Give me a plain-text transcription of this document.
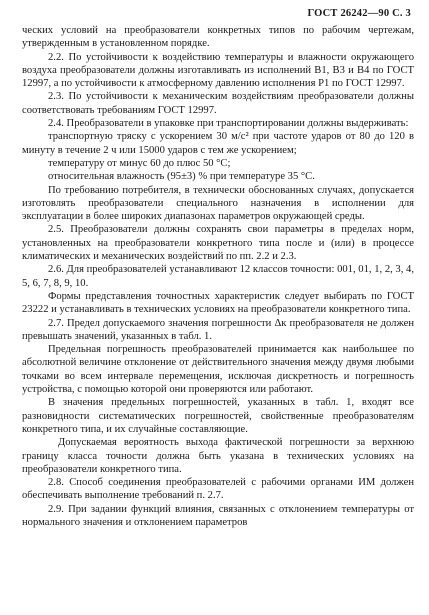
ГОСТ 26242—90 С. 3

ческих условий на преобразователи конкретных типов по рабочим чертежам, утвержденным в установленном порядке.

2.2. По устойчивости к воздействию температуры и влажности окружающего воздуха преобразователи должны изготавливать из исполнений В1, В3 и В4 по ГОСТ 12997, а по устойчивости к атмосферному давлению исполнения Р1 по ГОСТ 12997.

2.3. По устойчивости к механическим воздействиям преобразователи должны соответствовать требованиям ГОСТ 12997.

2.4. Преобразователи в упаковке при транспортировании должны выдерживать:

транспортную тряску с ускорением 30 м/с² при частоте ударов от 80 до 120 в минуту в течение 2 ч или 15000 ударов с тем же ускорением;

температуру от минус 60 до плюс 50 °С;

относительная влажность (95±3) % при температуре 35 °С.

По требованию потребителя, в технически обоснованных случаях, допускается изготовлять преобразователи специального назначения в исполнении для эксплуатации в более широких диапазонах параметров окружающей среды.

2.5. Преобразователи должны сохранять свои параметры в пределах норм, установленных на преобразователи конкретного типа после и (или) в процессе климатических и механических воздействий по пп. 2.2 и 2.3.

2.6. Для преобразователей устанавливают 12 классов точности: 001, 01, 1, 2, 3, 4, 5, 6, 7, 8, 9, 10.

Формы представления точностных характеристик следует выбирать по ГОСТ 23222 и устанавливать в технических условиях на преобразователи конкретного типа.

2.7. Предел допускаемого значения погрешности Δк преобразователя не должен превышать значений, указанных в табл. 1.

Предельная погрешность преобразователей принимается как наибольшее по абсолютной величине отклонение от действительного значения между двумя любыми точками во всем интервале перемещения, исключая дискретность и погрешность устройства, с помощью которой они проверяются или работают.

В значения предельных погрешностей, указанных в табл. 1, входят все разновидности систематических погрешностей, свойственные преобразователям конкретного типа, и их случайные составляющие.

Допускаемая вероятность выхода фактической погрешности за верхнюю границу класса точности должна быть указана в технических условиях на преобразователи конкретного типа.

2.8. Способ соединения преобразователей с рабочими органами ИМ должен обеспечивать выполнение требований п. 2.7.

2.9. При задании функций влияния, связанных с отклонением температуры от нормального значения и отклонением параметров
